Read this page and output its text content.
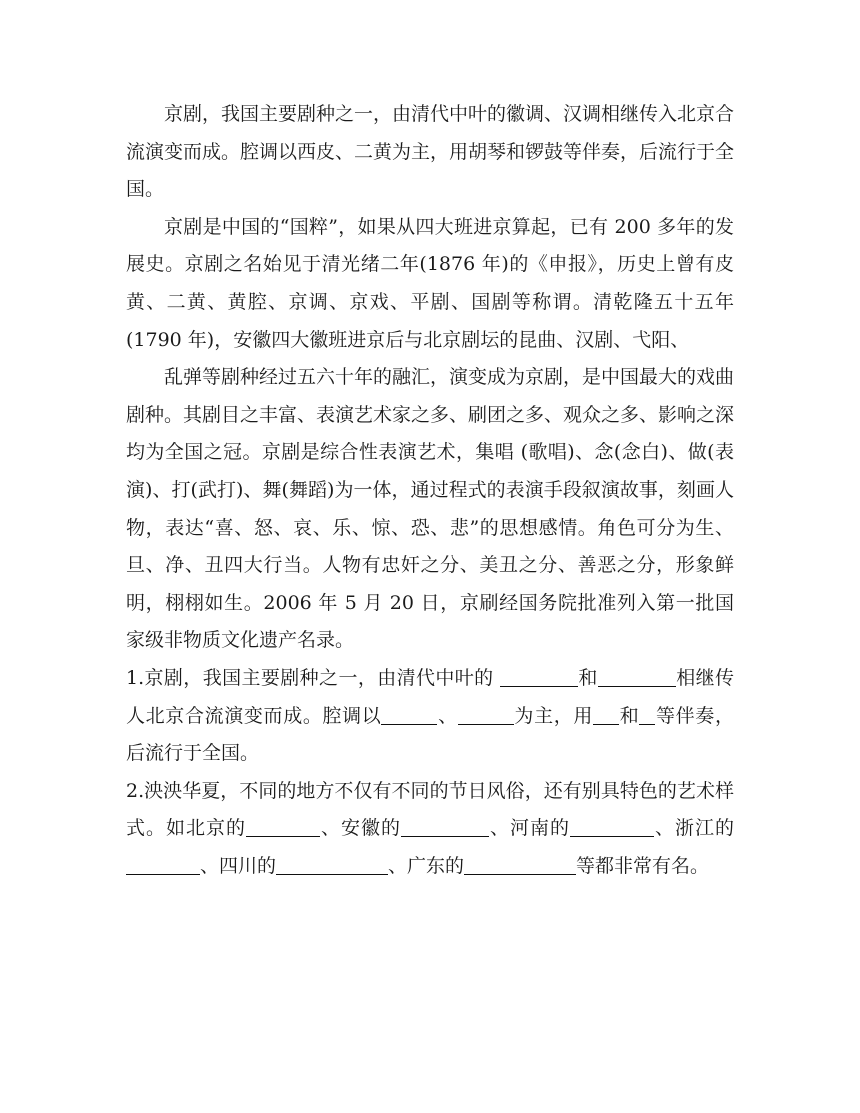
京剧，我国主要剧种之一，由清代中叶的徽调、汉调相继传入北京合流演变而成。腔调以西皮、二黄为主，用胡琴和锣鼓等伴奏，后流行于全国。

京剧是中国的“国粹”，如果从四大班进京算起，已有 200 多年的发展史。京剧之名始见于清光绪二年(1876 年)的《申报》，历史上曾有皮黄、二黄、黄腔、京调、京戏、平剧、国剧等称谓。清乾隆五十五年(1790 年)，安徽四大徽班进京后与北京剧坛的昆曲、汉剧、弋阳、

乱弹等剧种经过五六十年的融汇，演变成为京剧，是中国最大的戏曲剧种。其剧目之丰富、表演艺术家之多、刷团之多、观众之多、影响之深均为全国之冠。京剧是综合性表演艺术，集唱 (歌唱)、念(念白)、做(表演)、打(武打)、舞(舞蹈)为一体，通过程式的表演手段叙演故事，刻画人物，表达“喜、怒、哀、乐、惊、恐、悲”的思想感情。角色可分为生、旦、净、丑四大行当。人物有忠奸之分、美丑之分、善恶之分，形象鲜明，栩栩如生。2006 年 5 月 20 日，京刷经国务院批准列入第一批国家级非物质文化遗产名录。

1.京剧，我国主要剧种之一，由清代中叶的	和	相继传人北京合流演变而成。腔调以	、	为主，用 和 等伴奏，后流行于全国。

2.泱泱华夏，不同的地方不仅有不同的节日风俗，还有别具特色的艺术样式。如北京的	、安徽的	、河南的	、浙江的、四川的	、广东的	等都非常有名。
